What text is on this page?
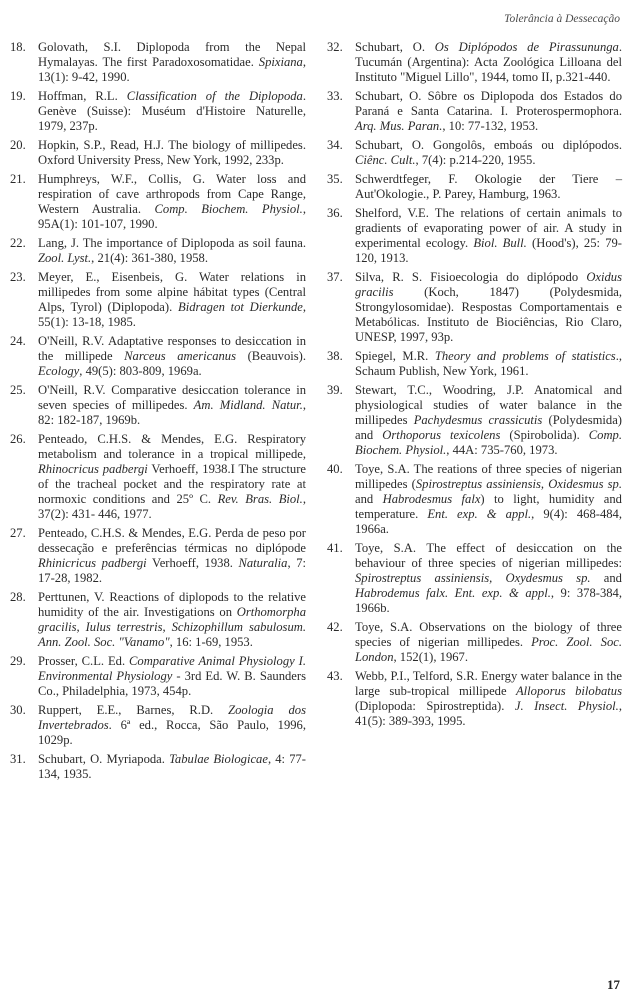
Tolerância à Dessecação
18. Golovath, S.I. Diplopoda from the Nepal Hymalayas. The first Paradoxosomatidae. Spixiana, 13(1): 9-42, 1990.
19. Hoffman, R.L. Classification of the Diplopoda. Genève (Suisse): Muséum d'Histoire Naturelle, 1979, 237p.
20. Hopkin, S.P., Read, H.J. The biology of millipedes. Oxford University Press, New York, 1992, 233p.
21. Humphreys, W.F., Collis, G. Water loss and respiration of cave arthropods from Cape Range, Western Australia. Comp. Biochem. Physiol., 95A(1): 101-107, 1990.
22. Lang, J. The importance of Diplopoda as soil fauna. Zool. Lyst., 21(4): 361-380, 1958.
23. Meyer, E., Eisenbeis, G. Water relations in millipedes from some alpine hábitat types (Central Alps, Tyrol) (Diplopoda). Bidragen tot Dierkunde, 55(1): 13-18, 1985.
24. O'Neill, R.V. Adaptative responses to desiccation in the millipede Narceus americanus (Beauvois). Ecology, 49(5): 803-809, 1969a.
25. O'Neill, R.V. Comparative desiccation tolerance in seven species of millipedes. Am. Midland. Natur., 82: 182-187, 1969b.
26. Penteado, C.H.S. & Mendes, E.G. Respiratory metabolism and tolerance in a tropical millipede, Rhinocricus padbergi Verhoeff, 1938.I The structure of the tracheal pocket and the respiratory rate at normoxic conditions and 25º C. Rev. Bras. Biol., 37(2): 431- 446, 1977.
27. Penteado, C.H.S. & Mendes, E.G. Perda de peso por dessecação e preferências térmicas no diplópode Rhinicricus padbergi Verhoeff, 1938. Naturalia, 7: 17-28, 1982.
28. Perttunen, V. Reactions of diplopods to the relative humidity of the air. Investigations on Orthomorpha gracilis, Iulus terrestris, Schizophillum sabulosum. Ann. Zool. Soc. "Vanamo", 16: 1-69, 1953.
29. Prosser, C.L. Ed. Comparative Animal Physiology I. Environmental Physiology - 3rd Ed. W. B. Saunders Co., Philadelphia, 1973, 454p.
30. Ruppert, E.E., Barnes, R.D. Zoologia dos Invertebrados. 6ª ed., Rocca, São Paulo, 1996, 1029p.
31. Schubart, O. Myriapoda. Tabulae Biologicae, 4: 77-134, 1935.
32. Schubart, O. Os Diplópodos de Pirassununga. Tucumán (Argentina): Acta Zoológica Lilloana del Instituto "Miguel Lillo", 1944, tomo II, p.321-440.
33. Schubart, O. Sôbre os Diplopoda dos Estados do Paraná e Santa Catarina. I. Proterospermophora. Arq. Mus. Paran., 10: 77-132, 1953.
34. Schubart, O. Gongolôs, emboás ou diplópodos. Ciênc. Cult., 7(4): p.214-220, 1955.
35. Schwerdtfeger, F. Okologie der Tiere – Aut'Okologie., P. Parey, Hamburg, 1963.
36. Shelford, V.E. The relations of certain animals to gradients of evaporating power of air. A study in experimental ecology. Biol. Bull. (Hood's), 25: 79-120, 1913.
37. Silva, R. S. Fisioecologia do diplópodo Oxidus gracilis (Koch, 1847) (Polydesmida, Strongylosomidae). Respostas Comportamentais e Metabólicas. Instituto de Biociências, Rio Claro, UNESP, 1997, 93p.
38. Spiegel, M.R. Theory and problems of statistics., Schaum Publish, New York, 1961.
39. Stewart, T.C., Woodring, J.P. Anatomical and physiological studies of water balance in the millipedes Pachydesmus crassicutis (Polydesmida) and Orthoporus texicolens (Spirobolida). Comp. Biochem. Physiol., 44A: 735-760, 1973.
40. Toye, S.A. The reations of three species of nigerian millipedes (Spirostreptus assiniensis, Oxidesmus sp. and Habrodesmus falx) to light, humidity and temperature. Ent. exp. & appl., 9(4): 468-484, 1966a.
41. Toye, S.A. The effect of desiccation on the behaviour of three species of nigerian millipedes: Spirostreptus assiniensis, Oxydesmus sp. and Habrodemus falx. Ent. exp. & appl., 9: 378-384, 1966b.
42. Toye, S.A. Observations on the biology of three species of nigerian millipedes. Proc. Zool. Soc. London, 152(1), 1967.
43. Webb, P.I., Telford, S.R. Energy water balance in the large sub-tropical millipede Alloporus bilobatus (Diplopoda: Spirostreptida). J. Insect. Physiol., 41(5): 389-393, 1995.
17
